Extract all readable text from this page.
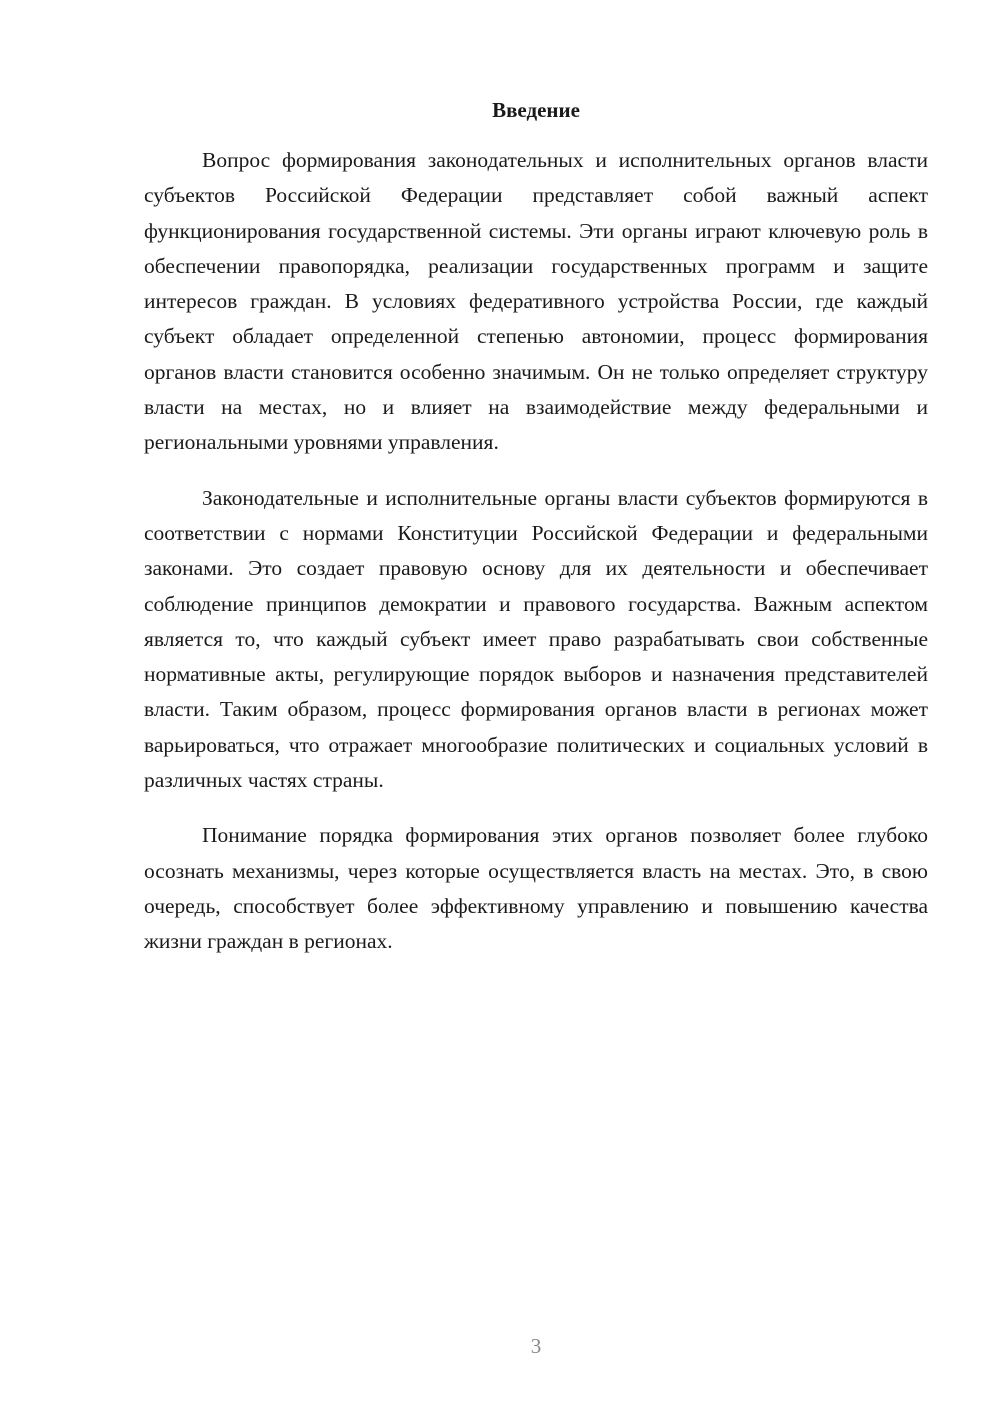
Введение

Вопрос формирования законодательных и исполнительных органов власти субъектов Российской Федерации представляет собой важный аспект функционирования государственной системы. Эти органы играют ключевую роль в обеспечении правопорядка, реализации государственных программ и защите интересов граждан. В условиях федеративного устройства России, где каждый субъект обладает определенной степенью автономии, процесс формирования органов власти становится особенно значимым. Он не только определяет структуру власти на местах, но и влияет на взаимодействие между федеральными и региональными уровнями управления.

Законодательные и исполнительные органы власти субъектов формируются в соответствии с нормами Конституции Российской Федерации и федеральными законами. Это создает правовую основу для их деятельности и обеспечивает соблюдение принципов демократии и правового государства. Важным аспектом является то, что каждый субъект имеет право разрабатывать свои собственные нормативные акты, регулирующие порядок выборов и назначения представителей власти. Таким образом, процесс формирования органов власти в регионах может варьироваться, что отражает многообразие политических и социальных условий в различных частях страны.

Понимание порядка формирования этих органов позволяет более глубоко осознать механизмы, через которые осуществляется власть на местах. Это, в свою очередь, способствует более эффективному управлению и повышению качества жизни граждан в регионах.

3
